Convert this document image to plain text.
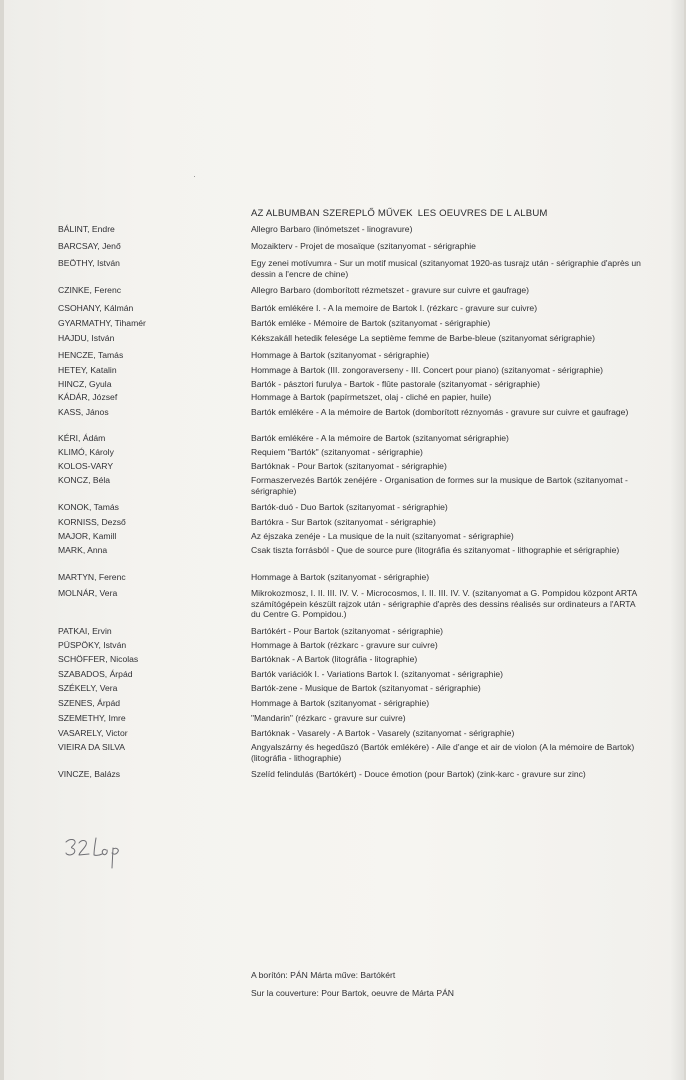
AZ ALBUMBAN SZEREPLŐ MŰVEK LES OEUVRES DE L ALBUM
BÁLINT, Endre	Allegro Barbaro (linómetszet - linogravure)
BARCSAY, Jenő	Mozaikterv - Projet de mosaïque (szitanyomat - sérigraphie
BEÖTHY, István	Egy zenei motívumra - Sur un motif musical (szitanyomat 1920-as tusrajz után - sérigraphie d'après un dessin a l'encre de chine)
CZINKE, Ferenc	Allegro Barbaro (domborított rézmetszet - gravure sur cuivre et gaufrage)
CSOHANY, Kálmán	Bartók emlékére I. - A la memoire de Bartok I. (rézkarc - gravure sur cuivre)
GYARMATHY, Tihamér	Bartók emléke - Mémoire de Bartok (szitanyomat - sérigraphie)
HAJDU, István	Kékszakáll hetedik felesége La septième femme de Barbe-bleue (szitanyomat sérigraphie)
HENCZE, Tamás	Hommage à Bartok (szitanyomat - sérigraphie)
HETEY, Katalin	Hommage à Bartok (III. zongoraverseny - III. Concert pour piano) (szitanyomat - sérigraphie)
HINCZ, Gyula	Bartók - pásztori furulya - Bartok - flûte pastorale (szitanyomat - sérigraphie)
KÁDÁR, József	Hommage à Bartok (papírmetszet, olaj - cliché en papier, huile)
KASS, János	Bartók emlékére - A la mémoire de Bartok (domborított réznyomás - gravure sur cuivre et gaufrage)
KÉRI, Ádám	Bartók emlékére - A la mémoire de Bartok (szitanyomat sérigraphie)
KLIMÓ, Károly	Requiem "Bartók" (szitanyomat - sérigraphie)
KOLOS-VARY	Bartóknak - Pour Bartok (szitanyomat - sérigraphie)
KONCZ, Béla	Formaszervezés Bartók zenéjére - Organisation de formes sur la musique de Bartok (szitanyomat - sérigraphie)
KONOK, Tamás	Bartók-duó - Duo Bartok (szitanyomat - sérigraphie)
KORNISS, Dezső	Bartókra - Sur Bartok (szitanyomat - sérigraphie)
MAJOR, Kamill	Az éjszaka zenéje - La musique de la nuit (szitanyomat - sérigraphie)
MARK, Anna	Csak tiszta forrásból - Que de source pure (litográfia és szitanyomat - lithographie et sérigraphie)
MARTYN, Ferenc	Hommage à Bartok (szitanyomat - sérigraphie)
MOLNÁR, Vera	Mikrokozmosz, I. II. III. IV. V. - Microcosmos, I. II. III. IV. V. (szitanyomat a G. Pompidou központ ARTA számítógépein készült rajzok után - sérigraphie d'après des dessins réalisés sur ordinateurs a l'ARTA du Centre G. Pompidou.)
PATKAI, Ervin	Bartókért - Pour Bartok (szitanyomat - sérigraphie)
PÜSPÖKY, István	Hommage à Bartok (rézkarc - gravure sur cuivre)
SCHÖFFER, Nicolas	Bartóknak - A Bartok (litográfia - litographie)
SZABADOS, Árpád	Bartók variációk I. - Variations Bartok I. (szitanyomat - sérigraphie)
SZÉKELY, Vera	Bartók-zene - Musique de Bartok (szitanyomat - sérigraphie)
SZENES, Árpád	Hommage à Bartok (szitanyomat - sérigraphie)
SZEMETHY, Imre	"Mandarin" (rézkarc - gravure sur cuivre)
VASARELY, Victor	Bartóknak - Vasarely - A Bartok - Vasarely (szitanyomat - sérigraphie)
VIEIRA DA SILVA	Angyalszárny és hegedűszó (Bartók emlékére) - Aile d'ange et air de violon (A la mémoire de Bartok) (litográfia - lithographie)
VINCZE, Balázs	Szelíd felindulás (Bartókért) - Douce émotion (pour Bartok) (zink-karc - gravure sur zinc)
A borítón: PÁN Márta műve: Bartókért
Sur la couverture: Pour Bartok, oeuvre de Márta PÁN
